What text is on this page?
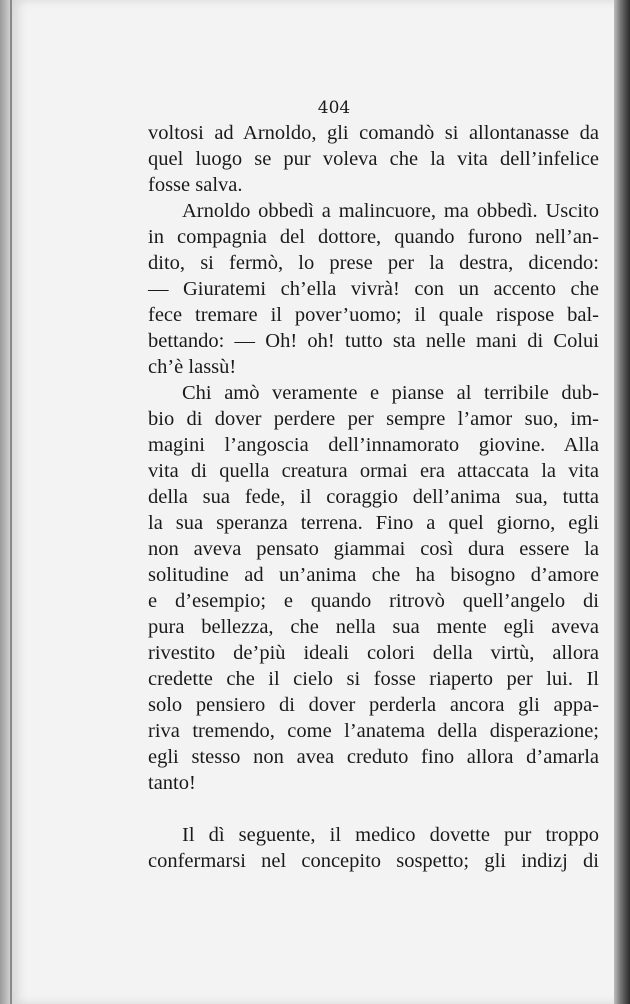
404
voltosi ad Arnoldo, gli comandò si allontanasse da
quel luogo se pur voleva che la vita dell’infelice
fosse salva.
Arnoldo obbedì a malincuore, ma obbedì. Uscito
in compagnia del dottore, quando furono nell’an-
dito, si fermò, lo prese per la destra, dicendo:
— Giuratemi ch’ella vivrà! con un accento che
fece tremare il pover’uomo; il quale rispose bal-
bettando: — Oh! oh! tutto sta nelle mani di Colui
ch’è lassù!
Chi amò veramente e pianse al terribile dub-
bio di dover perdere per sempre l’amor suo, im-
magini l’angoscia dell’innamorato giovine. Alla
vita di quella creatura ormai era attaccata la vita
della sua fede, il coraggio dell’anima sua, tutta
la sua speranza terrena. Fino a quel giorno, egli
non aveva pensato giammai così dura essere la
solitudine ad un’anima che ha bisogno d’amore
e d’esempio; e quando ritrovò quell’angelo di
pura bellezza, che nella sua mente egli aveva
rivestito de’più ideali colori della virtù, allora
credette che il cielo si fosse riaperto per lui. Il
solo pensiero di dover perderla ancora gli appa-
riva tremendo, come l’anatema della disperazione;
egli stesso non avea creduto fino allora d’amarla
tanto!
Il dì seguente, il medico dovette pur troppo
confermarsi nel concepito sospetto; gli indizj di
